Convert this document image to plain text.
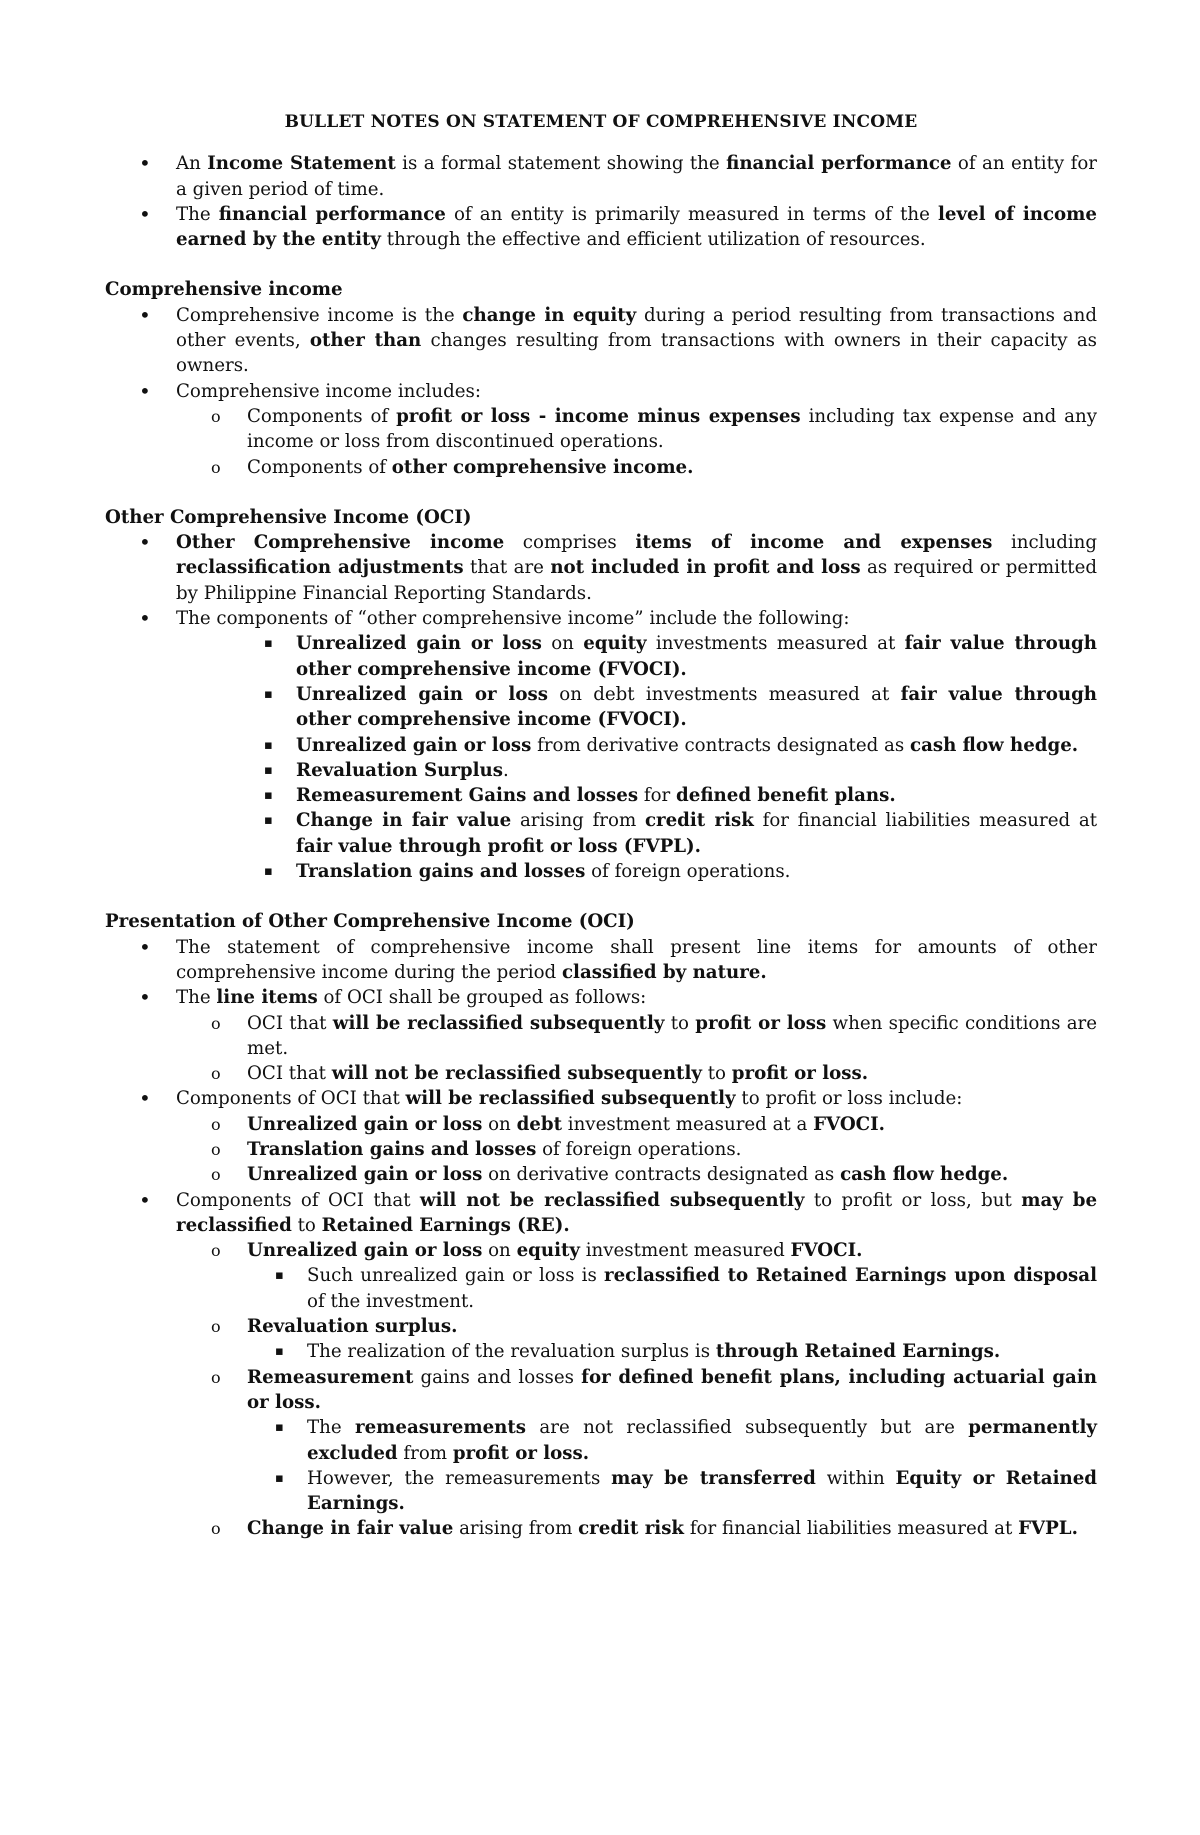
BULLET NOTES ON STATEMENT OF COMPREHENSIVE INCOME
• An Income Statement is a formal statement showing the financial performance of an entity for a given period of time.
• The financial performance of an entity is primarily measured in terms of the level of income earned by the entity through the effective and efficient utilization of resources.
Comprehensive income
• Comprehensive income is the change in equity during a period resulting from transactions and other events, other than changes resulting from transactions with owners in their capacity as owners.
• Comprehensive income includes:
o Components of profit or loss - income minus expenses including tax expense and any income or loss from discontinued operations.
o Components of other comprehensive income.
Other Comprehensive Income (OCI)
• Other Comprehensive income comprises items of income and expenses including reclassification adjustments that are not included in profit and loss as required or permitted by Philippine Financial Reporting Standards.
• The components of “other comprehensive income” include the following:
▪ Unrealized gain or loss on equity investments measured at fair value through other comprehensive income (FVOCI).
▪ Unrealized gain or loss on debt investments measured at fair value through other comprehensive income (FVOCI).
▪ Unrealized gain or loss from derivative contracts designated as cash flow hedge.
▪ Revaluation Surplus.
▪ Remeasurement Gains and losses for defined benefit plans.
▪ Change in fair value arising from credit risk for financial liabilities measured at fair value through profit or loss (FVPL).
▪ Translation gains and losses of foreign operations.
Presentation of Other Comprehensive Income (OCI)
• The statement of comprehensive income shall present line items for amounts of other comprehensive income during the period classified by nature.
• The line items of OCI shall be grouped as follows:
o OCI that will be reclassified subsequently to profit or loss when specific conditions are met.
o OCI that will not be reclassified subsequently to profit or loss.
• Components of OCI that will be reclassified subsequently to profit or loss include:
o Unrealized gain or loss on debt investment measured at a FVOCI.
o Translation gains and losses of foreign operations.
o Unrealized gain or loss on derivative contracts designated as cash flow hedge.
• Components of OCI that will not be reclassified subsequently to profit or loss, but may be reclassified to Retained Earnings (RE).
o Unrealized gain or loss on equity investment measured FVOCI.
▪ Such unrealized gain or loss is reclassified to Retained Earnings upon disposal of the investment.
o Revaluation surplus.
▪ The realization of the revaluation surplus is through Retained Earnings.
o Remeasurement gains and losses for defined benefit plans, including actuarial gain or loss.
▪ The remeasurements are not reclassified subsequently but are permanently excluded from profit or loss.
▪ However, the remeasurements may be transferred within Equity or Retained Earnings.
o Change in fair value arising from credit risk for financial liabilities measured at FVPL.
